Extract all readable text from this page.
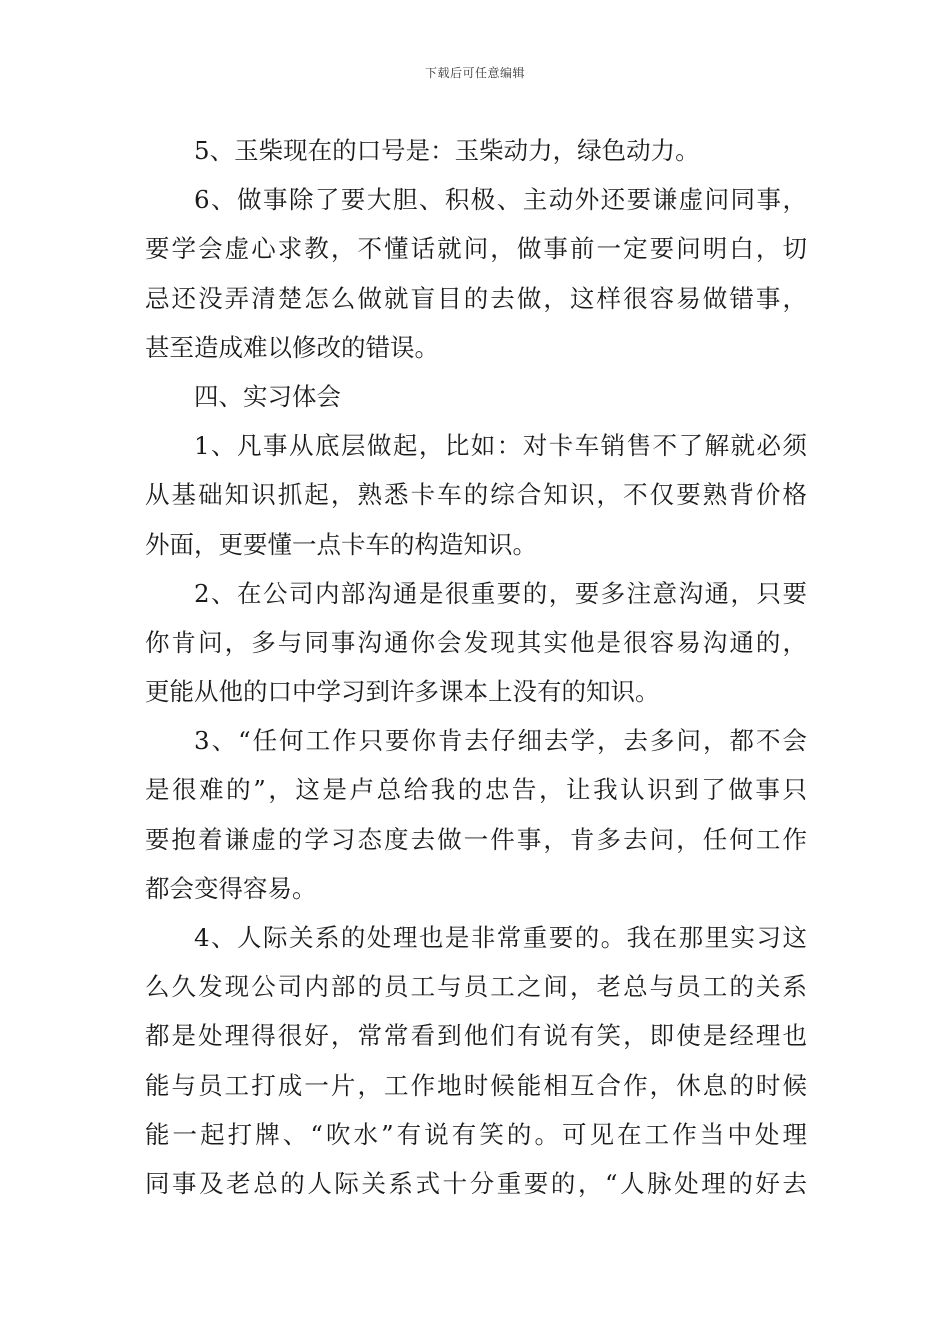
下载后可任意编辑
5、玉柴现在的口号是：玉柴动力，绿色动力。
6、做事除了要大胆、积极、主动外还要谦虚问同事，
要学会虚心求教，不懂话就问，做事前一定要问明白，切
忌还没弄清楚怎么做就盲目的去做，这样很容易做错事，
甚至造成难以修改的错误。
四、实习体会
1、凡事从底层做起，比如：对卡车销售不了解就必须
从基础知识抓起，熟悉卡车的综合知识，不仅要熟背价格
外面，更要懂一点卡车的构造知识。
2、在公司内部沟通是很重要的，要多注意沟通，只要
你肯问，多与同事沟通你会发现其实他是很容易沟通的，
更能从他的口中学习到许多课本上没有的知识。
3、“任何工作只要你肯去仔细去学，去多问，都不会
是很难的”，这是卢总给我的忠告，让我认识到了做事只
要抱着谦虚的学习态度去做一件事，肯多去问，任何工作
都会变得容易。
4、人际关系的处理也是非常重要的。我在那里实习这
么久发现公司内部的员工与员工之间，老总与员工的关系
都是处理得很好，常常看到他们有说有笑，即使是经理也
能与员工打成一片，工作地时候能相互合作，休息的时候
能一起打牌、“吹水”有说有笑的。可见在工作当中处理
同事及老总的人际关系式十分重要的，“人脉处理的好去
